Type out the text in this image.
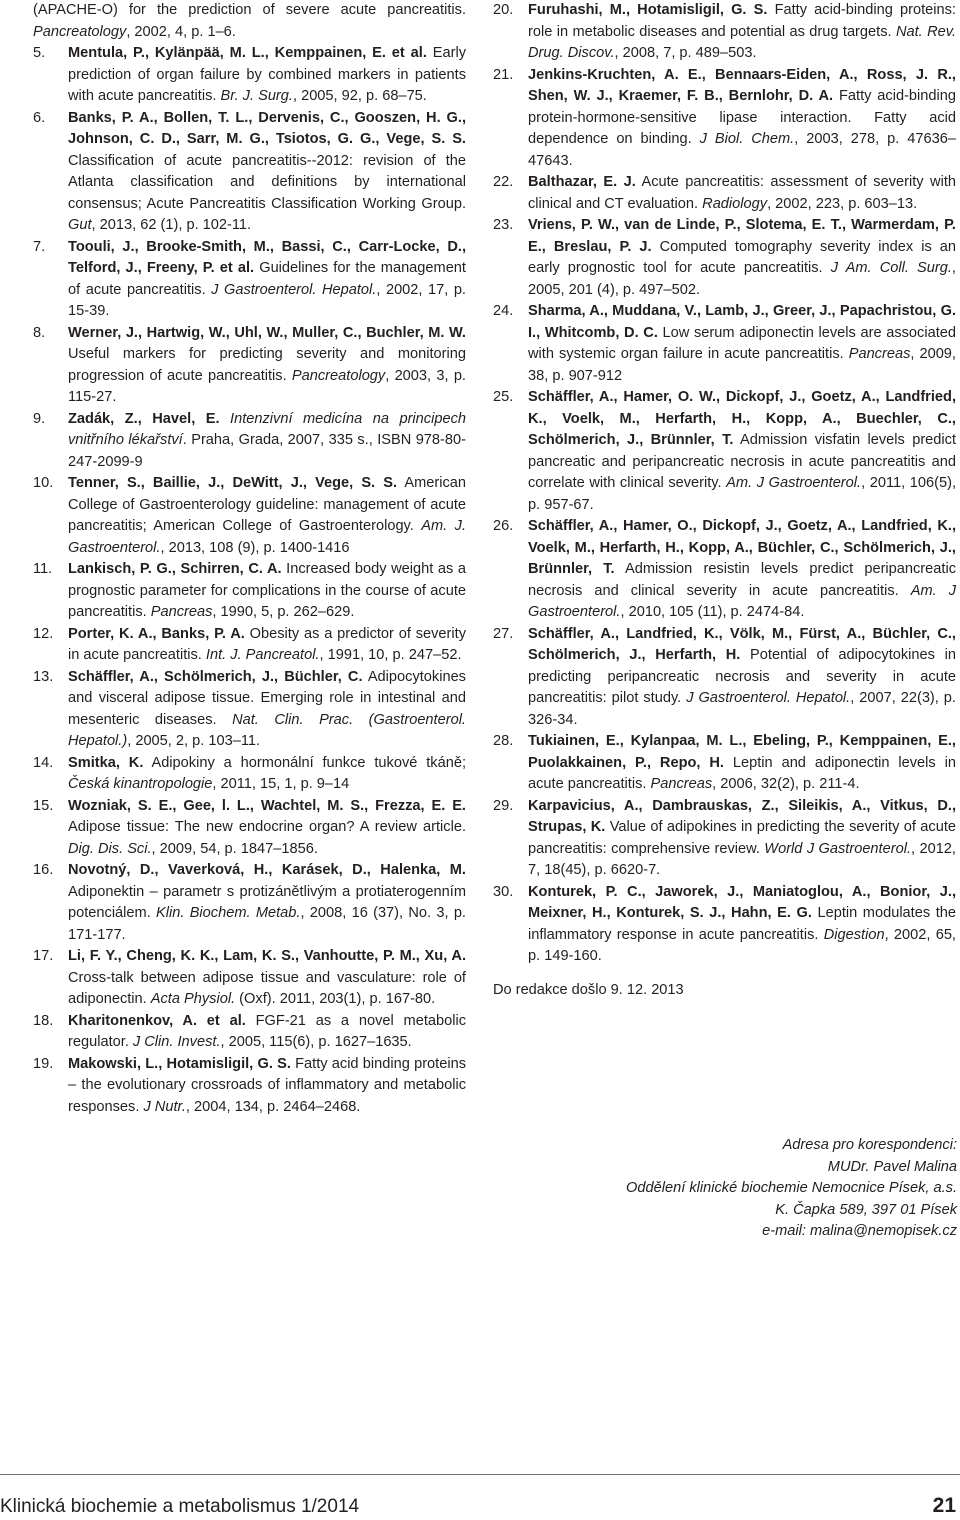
(APACHE-O) for the prediction of severe acute pancreatitis. Pancreatology, 2002, 4, p. 1–6.

5.	Mentula, P., Kylänpää, M. L., Kemppainen, E. et al. Early prediction of organ failure by combined markers in patients with acute pancreatitis. Br. J. Surg., 2005, 92, p. 68–75.

6.	Banks, P. A., Bollen, T. L., Dervenis, C., Gooszen, H. G., Johnson, C. D., Sarr, M. G., Tsiotos, G. G., Vege, S. S. Classification of acute pancreatitis--2012: revision of the Atlanta classification and definitions by international consensus; Acute Pancreatitis Classification Working Group. Gut, 2013, 62 (1), p. 102-11.

7.	Toouli, J., Brooke-Smith, M., Bassi, C., Carr-Locke, D., Telford, J., Freeny, P. et al. Guidelines for the management of acute pancreatitis. J Gastroenterol. Hepatol., 2002, 17, p. 15-39.

8.	Werner, J., Hartwig, W., Uhl, W., Muller, C., Buchler, M. W. Useful markers for predicting severity and monitoring progression of acute pancreatitis. Pancreatology, 2003, 3, p. 115-27.

9.	Zadák, Z., Havel, E. Intenzivní medicína na principech vnitřního lékařství. Praha, Grada, 2007, 335 s., ISBN 978-80-247-2099-9

10.	Tenner, S., Baillie, J., DeWitt, J., Vege, S. S. American College of Gastroenterology guideline: management of acute pancreatitis; American College of Gastroenterology. Am. J. Gastroenterol., 2013, 108 (9), p. 1400-1416

11.	Lankisch, P. G., Schirren, C. A. Increased body weight as a prognostic parameter for complications in the course of acute pancreatitis. Pancreas, 1990, 5, p. 262–629.

12.	Porter, K. A., Banks, P. A. Obesity as a predictor of severity in acute pancreatitis. Int. J. Pancreatol., 1991, 10, p. 247–52.

13.	Schäffler, A., Schölmerich, J., Büchler, C. Adipocytokines and visceral adipose tissue. Emerging role in intestinal and mesenteric diseases. Nat. Clin. Prac. (Gastroenterol. Hepatol.), 2005, 2, p. 103–11.

14.	Smitka, K. Adipokiny a hormonální funkce tukové tkáně; Česká kinantropologie, 2011, 15, 1, p. 9–14

15.	Wozniak, S. E., Gee, l. L., Wachtel, M. S., Frezza, E. E. Adipose tissue: The new endocrine organ? A review article. Dig. Dis. Sci., 2009, 54, p. 1847–1856.

16.	Novotný, D., Vaverková, H., Karásek, D., Halenka, M. Adiponektin – parametr s protizánětlivým a protiaterogenním potenciálem. Klin. Biochem. Metab., 2008, 16 (37), No. 3, p. 171-177.

17.	Li, F. Y., Cheng, K. K., Lam, K. S., Vanhoutte, P. M., Xu, A. Cross-talk between adipose tissue and vasculature: role of adiponectin. Acta Physiol. (Oxf). 2011, 203(1), p. 167-80.

18.	Kharitonenkov, A. et al. FGF-21 as a novel metabolic regulator. J Clin. Invest., 2005, 115(6), p. 1627–1635.

19.	Makowski, L., Hotamisligil, G. S. Fatty acid binding proteins – the evolutionary crossroads of inflammatory and metabolic responses. J Nutr., 2004, 134, p. 2464–2468.

20.	Furuhashi, M., Hotamisligil, G. S. Fatty acid-binding proteins: role in metabolic diseases and potential as drug targets. Nat. Rev. Drug. Discov., 2008, 7, p. 489–503.

21.	Jenkins-Kruchten, A. E., Bennaars-Eiden, A., Ross, J. R., Shen, W. J., Kraemer, F. B., Bernlohr, D. A. Fatty acid-binding protein-hormone-sensitive lipase interaction. Fatty acid dependence on binding. J Biol. Chem., 2003, 278, p. 47636–47643.

22.	Balthazar, E. J. Acute pancreatitis: assessment of severity with clinical and CT evaluation. Radiology, 2002, 223, p. 603–13.

23.	Vriens, P. W., van de Linde, P., Slotema, E. T., Warmerdam, P. E., Breslau, P. J. Computed tomography severity index is an early prognostic tool for acute pancreatitis. J Am. Coll. Surg., 2005, 201 (4), p. 497–502.

24.	Sharma, A., Muddana, V., Lamb, J., Greer, J., Papachristou, G. I., Whitcomb, D. C. Low serum adiponectin levels are associated with systemic organ failure in acute pancreatitis. Pancreas, 2009, 38, p. 907-912

25.	Schäffler, A., Hamer, O. W., Dickopf, J., Goetz, A., Landfried, K., Voelk, M., Herfarth, H., Kopp, A., Buechler, C., Schölmerich, J., Brünnler, T. Admission visfatin levels predict pancreatic and peripancreatic necrosis in acute pancreatitis and correlate with clinical severity. Am. J Gastroenterol., 2011, 106(5), p. 957-67.

26.	Schäffler, A., Hamer, O., Dickopf, J., Goetz, A., Landfried, K., Voelk, M., Herfarth, H., Kopp, A., Büchler, C., Schölmerich, J., Brünnler, T. Admission resistin levels predict peripancreatic necrosis and clinical severity in acute pancreatitis. Am. J Gastroenterol., 2010, 105 (11), p. 2474-84.

27.	Schäffler, A., Landfried, K., Völk, M., Fürst, A., Büchler, C., Schölmerich, J., Herfarth, H. Potential of adipocytokines in predicting peripancreatic necrosis and severity in acute pancreatitis: pilot study. J Gastroenterol. Hepatol., 2007, 22(3), p. 326-34.

28.	Tukiainen, E., Kylanpaa, M. L., Ebeling, P., Kemppainen, E., Puolakkainen, P., Repo, H. Leptin and adiponectin levels in acute pancreatitis. Pancreas, 2006, 32(2), p. 211-4.

29.	Karpavicius, A., Dambrauskas, Z., Sileikis, A., Vitkus, D., Strupas, K. Value of adipokines in predicting the severity of acute pancreatitis: comprehensive review. World J Gastroenterol., 2012, 7, 18(45), p. 6620-7.

30.	Konturek, P. C., Jaworek, J., Maniatoglou, A., Bonior, J., Meixner, H., Konturek, S. J., Hahn, E. G. Leptin modulates the inflammatory response in acute pancreatitis. Digestion, 2002, 65, p. 149-160.

Do redakce došlo 9. 12. 2013

Adresa pro korespondenci:
MUDr. Pavel Malina
Oddělení klinické biochemie Nemocnice Písek, a.s.
K. Čapka 589, 397 01 Písek
e-mail: malina@nemopisek.cz
Klinická biochemie a metabolismus 1/2014	21
